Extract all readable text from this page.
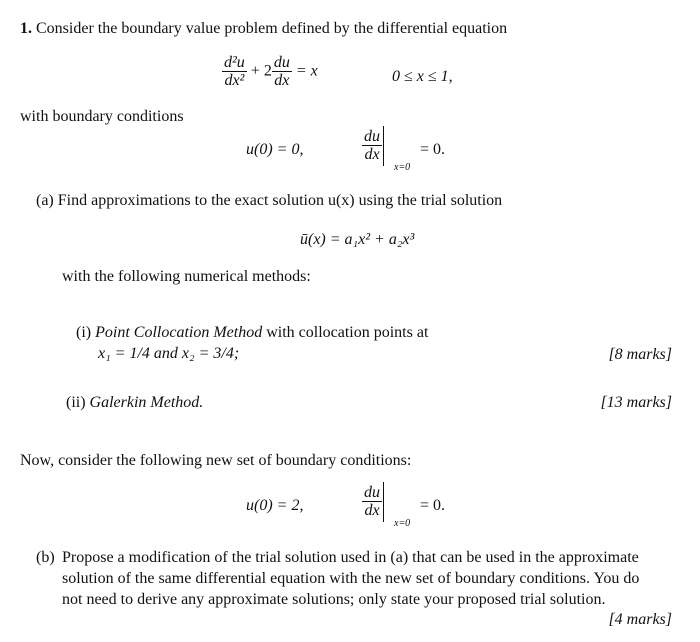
1. Consider the boundary value problem defined by the differential equation
$\frac{\text{d²u}}{\text{dx²}} + 2 \frac{du}{dx} = x$	0 ≤ x ≤ 1,
with boundary conditions
u(0) = 0,	$\frac{du}{dx}$
x=0
= 0.
(a) Find approximations to the exact solution u(x) using the trial solution
ū(x) = a₁x² + a₂x³
with the following numerical methods:
(i) Point Collocation Method with collocation points at
x₁ = 1/4 and x₂ = 3/4;	[8 marks]
(ii) Galerkin Method.	[13 marks]
Now, consider the following new set of boundary conditions:
u(0) = 2,	$\frac{du}{dx}$
x=0
= 0.
(b) Propose a modification of the trial solution used in (a) that can be used in the approximate
solution of the same differential equation with the new set of boundary conditions. You do
not need to derive any approximate solutions; only state your proposed trial solution.
[4 marks]
